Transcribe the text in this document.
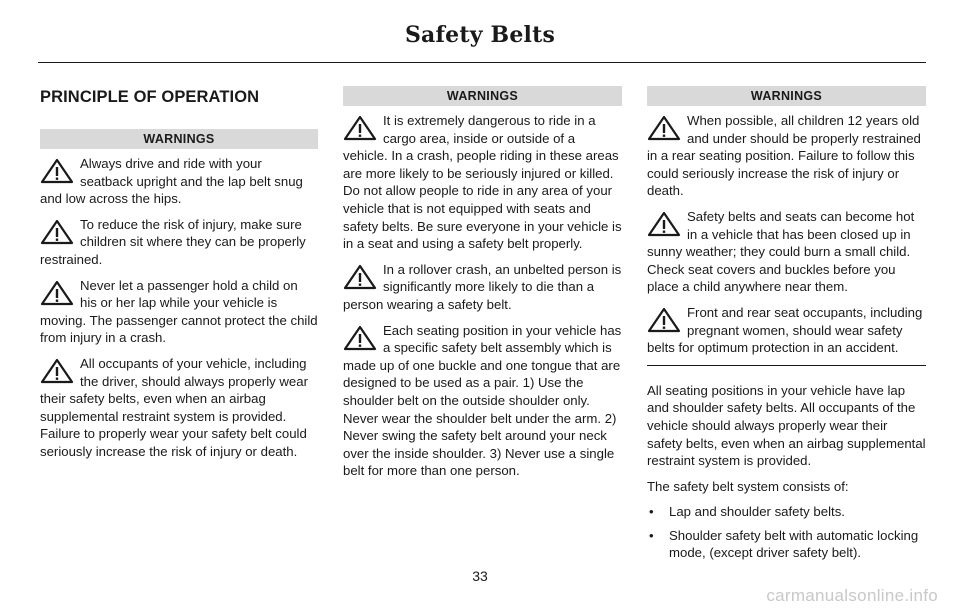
Safety Belts
PRINCIPLE OF OPERATION
WARNINGS
Always drive and ride with your seatback upright and the lap belt snug and low across the hips.
To reduce the risk of injury, make sure children sit where they can be properly restrained.
Never let a passenger hold a child on his or her lap while your vehicle is moving. The passenger cannot protect the child from injury in a crash.
All occupants of your vehicle, including the driver, should always properly wear their safety belts, even when an airbag supplemental restraint system is provided. Failure to properly wear your safety belt could seriously increase the risk of injury or death.
WARNINGS
It is extremely dangerous to ride in a cargo area, inside or outside of a vehicle. In a crash, people riding in these areas are more likely to be seriously injured or killed. Do not allow people to ride in any area of your vehicle that is not equipped with seats and safety belts. Be sure everyone in your vehicle is in a seat and using a safety belt properly.
In a rollover crash, an unbelted person is significantly more likely to die than a person wearing a safety belt.
Each seating position in your vehicle has a specific safety belt assembly which is made up of one buckle and one tongue that are designed to be used as a pair. 1) Use the shoulder belt on the outside shoulder only. Never wear the shoulder belt under the arm. 2) Never swing the safety belt around your neck over the inside shoulder. 3) Never use a single belt for more than one person.
WARNINGS
When possible, all children 12 years old and under should be properly restrained in a rear seating position. Failure to follow this could seriously increase the risk of injury or death.
Safety belts and seats can become hot in a vehicle that has been closed up in sunny weather; they could burn a small child. Check seat covers and buckles before you place a child anywhere near them.
Front and rear seat occupants, including pregnant women, should wear safety belts for optimum protection in an accident.

All seating positions in your vehicle have lap and shoulder safety belts. All occupants of the vehicle should always properly wear their safety belts, even when an airbag supplemental restraint system is provided.

The safety belt system consists of:

• Lap and shoulder safety belts.
• Shoulder safety belt with automatic locking mode, (except driver safety belt).
33
carmanualsonline.info
